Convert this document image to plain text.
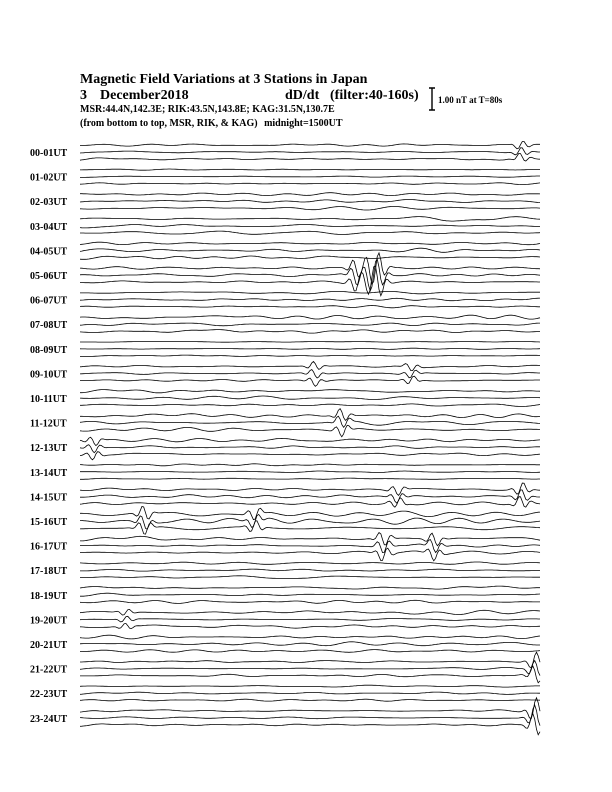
Magnetic Field Variations at 3 Stations in Japan
3 December2018	dD/dt (filter:40-160s)
MSR:44.4N,142.3E; RIK:43.5N,143.8E; KAG:31.5N,130.7E
(from bottom to top, MSR, RIK, & KAG) midnight=1500UT
1.00 nT at T=80s
00-01UT
01-02UT
02-03UT
03-04UT
04-05UT
05-06UT
06-07UT
07-08UT
08-09UT
09-10UT
10-11UT
11-12UT
12-13UT
13-14UT
14-15UT
15-16UT
16-17UT
17-18UT
18-19UT
19-20UT
20-21UT
21-22UT
22-23UT
23-24UT
